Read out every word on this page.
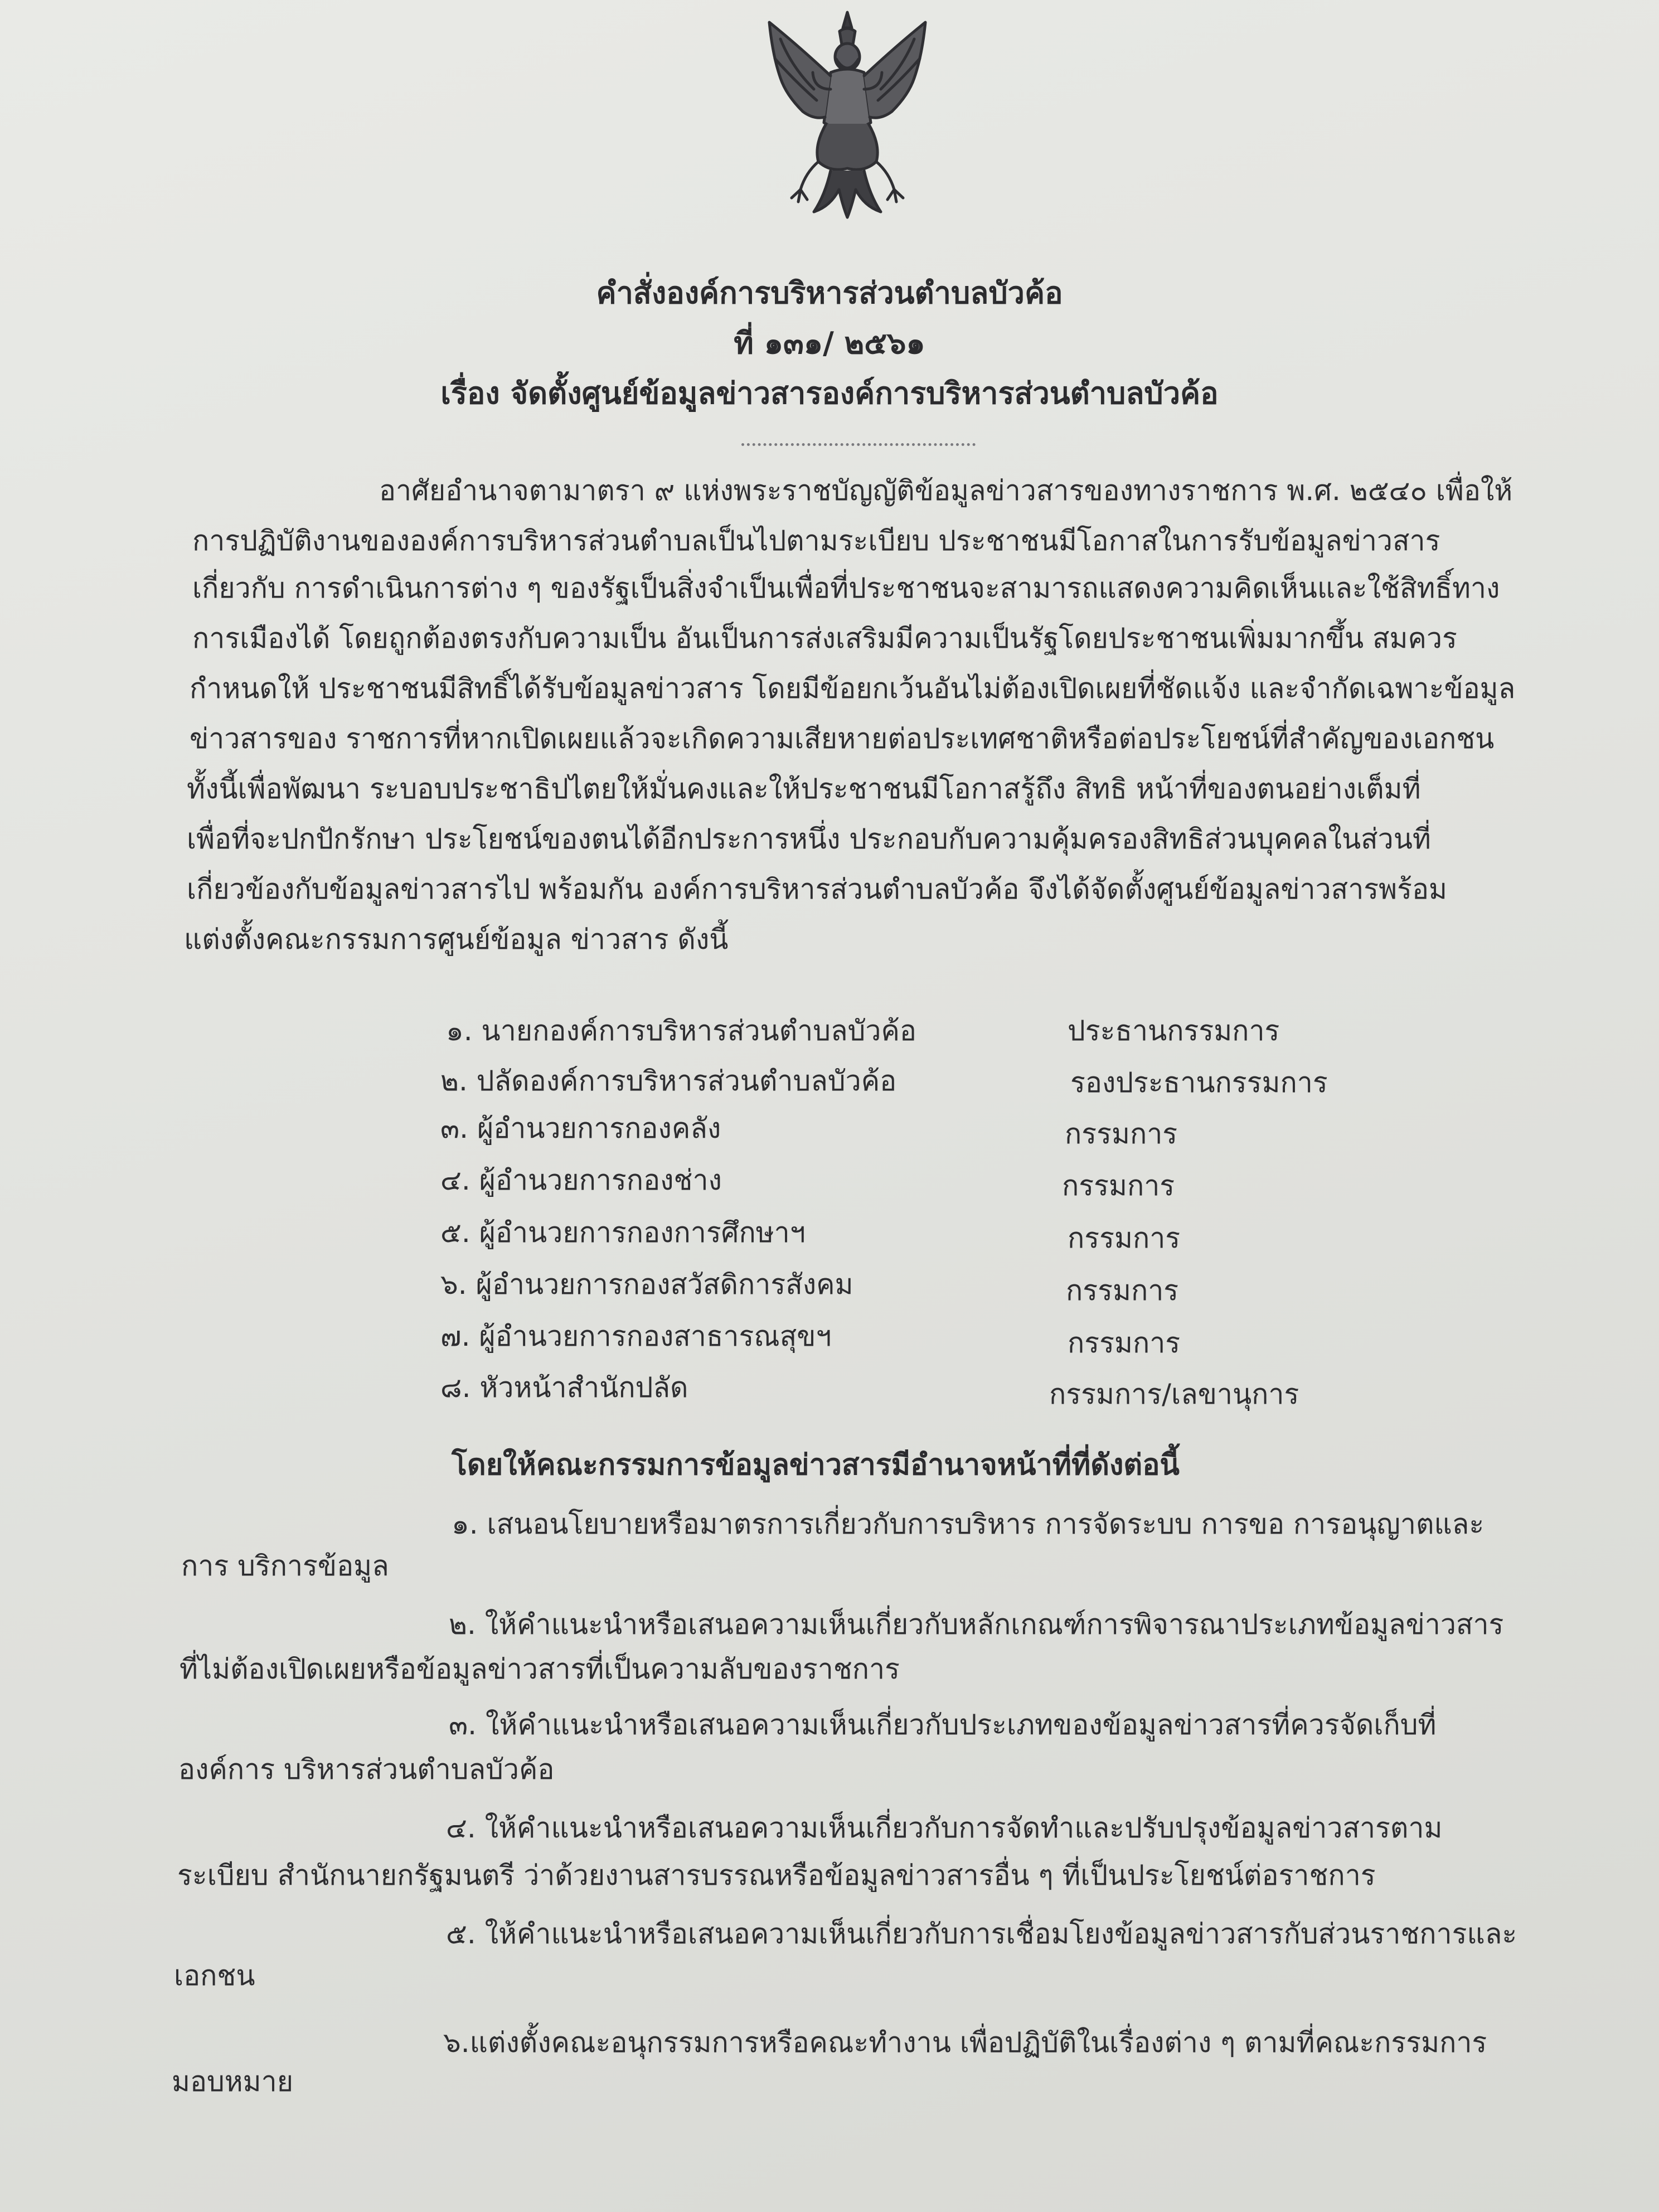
คำสั่งองค์การบริหารส่วนตำบลบัวค้อ
ที่ ๑๓๑/ ๒๕๖๑
เรื่อง จัดตั้งศูนย์ข้อมูลข่าวสารองค์การบริหารส่วนตำบลบัวค้อ
อาศัยอำนาจตามาตรา ๙ แห่งพระราชบัญญัติข้อมูลข่าวสารของทางราชการ พ.ศ. ๒๕๔๐ เพื่อให้
การปฏิบัติงานขององค์การบริหารส่วนตำบลเป็นไปตามระเบียบ ประชาชนมีโอกาสในการรับข้อมูลข่าวสาร
เกี่ยวกับ การดำเนินการต่าง ๆ ของรัฐเป็นสิ่งจำเป็นเพื่อที่ประชาชนจะสามารถแสดงความคิดเห็นและใช้สิทธิ์ทาง
การเมืองได้ โดยถูกต้องตรงกับความเป็น อันเป็นการส่งเสริมมีความเป็นรัฐโดยประชาชนเพิ่มมากขึ้น สมควร
กำหนดให้ ประชาชนมีสิทธิ์ได้รับข้อมูลข่าวสาร โดยมีข้อยกเว้นอันไม่ต้องเปิดเผยที่ชัดแจ้ง และจำกัดเฉพาะข้อมูล
ข่าวสารของ ราชการที่หากเปิดเผยแล้วจะเกิดความเสียหายต่อประเทศชาติหรือต่อประโยชน์ที่สำคัญของเอกชน
ทั้งนี้เพื่อพัฒนา ระบอบประชาธิปไตยให้มั่นคงและให้ประชาชนมีโอกาสรู้ถึง สิทธิ หน้าที่ของตนอย่างเต็มที่
เพื่อที่จะปกปักรักษา ประโยชน์ของตนได้อีกประการหนึ่ง ประกอบกับความคุ้มครองสิทธิส่วนบุคคลในส่วนที่
เกี่ยวข้องกับข้อมูลข่าวสารไป พร้อมกัน องค์การบริหารส่วนตำบลบัวค้อ จึงได้จัดตั้งศูนย์ข้อมูลข่าวสารพร้อม
แต่งตั้งคณะกรรมการศูนย์ข้อมูล ข่าวสาร ดังนี้
๑. นายกองค์การบริหารส่วนตำบลบัวค้อ	ประธานกรรมการ
๒. ปลัดองค์การบริหารส่วนตำบลบัวค้อ	รองประธานกรรมการ
๓. ผู้อำนวยการกองคลัง	กรรมการ
๔. ผู้อำนวยการกองช่าง	กรรมการ
๕. ผู้อำนวยการกองการศึกษาฯ	กรรมการ
๖. ผู้อำนวยการกองสวัสดิการสังคม	กรรมการ
๗. ผู้อำนวยการกองสาธารณสุขฯ	กรรมการ
๘. หัวหน้าสำนักปลัด	กรรมการ/เลขานุการ
โดยให้คณะกรรมการข้อมูลข่าวสารมีอำนาจหน้าที่ที่ดังต่อนี้
๑. เสนอนโยบายหรือมาตรการเกี่ยวกับการบริหาร การจัดระบบ การขอ การอนุญาตและ
การ บริการข้อมูล
๒. ให้คำแนะนำหรือเสนอความเห็นเกี่ยวกับหลักเกณฑ์การพิจารณาประเภทข้อมูลข่าวสาร
ที่ไม่ต้องเปิดเผยหรือข้อมูลข่าวสารที่เป็นความลับของราชการ
๓. ให้คำแนะนำหรือเสนอความเห็นเกี่ยวกับประเภทของข้อมูลข่าวสารที่ควรจัดเก็บที่
องค์การ บริหารส่วนตำบลบัวค้อ
๔. ให้คำแนะนำหรือเสนอความเห็นเกี่ยวกับการจัดทำและปรับปรุงข้อมูลข่าวสารตาม
ระเบียบ สำนักนายกรัฐมนตรี ว่าด้วยงานสารบรรณหรือข้อมูลข่าวสารอื่น ๆ ที่เป็นประโยชน์ต่อราชการ
๕. ให้คำแนะนำหรือเสนอความเห็นเกี่ยวกับการเชื่อมโยงข้อมูลข่าวสารกับส่วนราชการและ
เอกชน
๖.แต่งตั้งคณะอนุกรรมการหรือคณะทำงาน เพื่อปฏิบัติในเรื่องต่าง ๆ ตามที่คณะกรรมการ
มอบหมาย
